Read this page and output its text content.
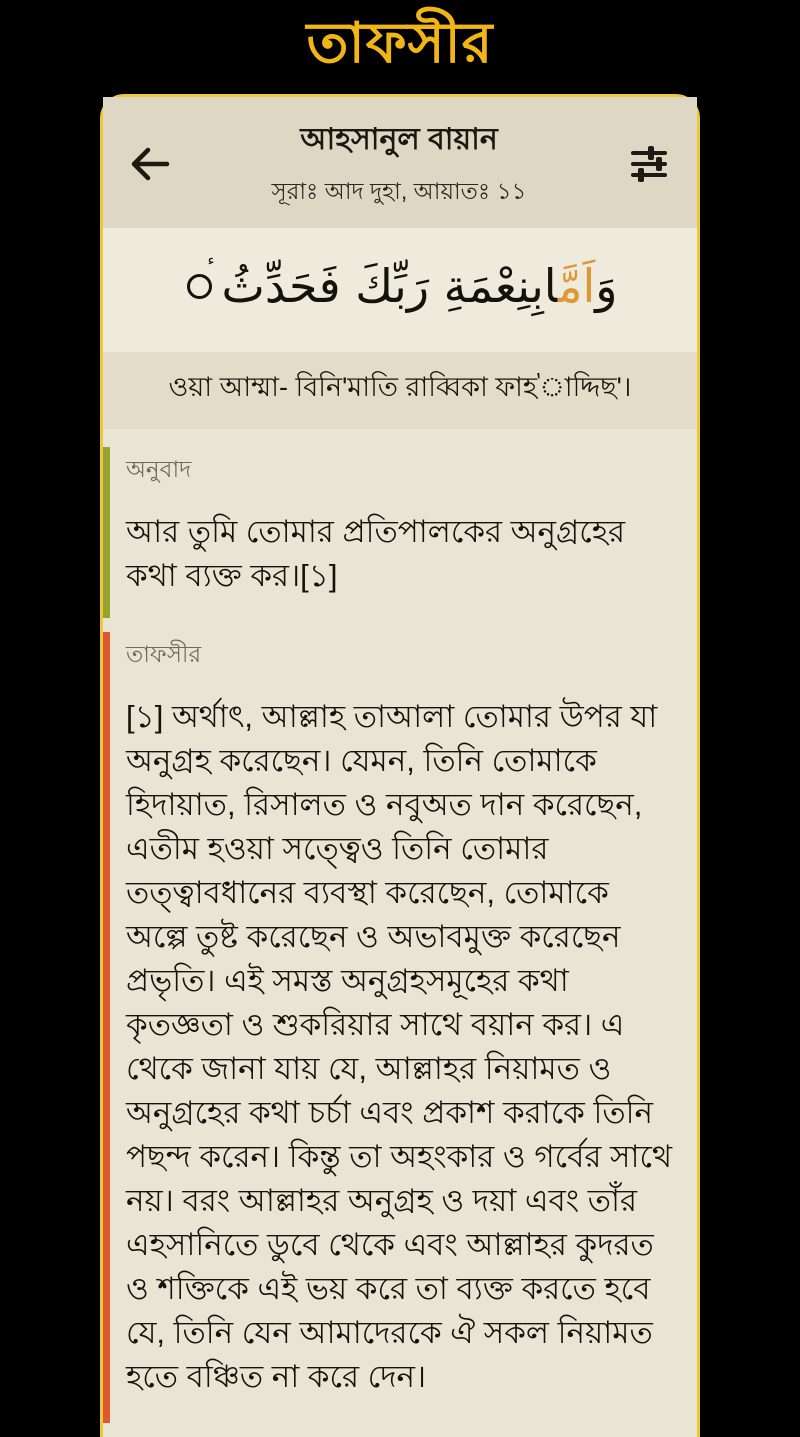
তাফসীর
আহসানুল বায়ান
সূরাঃ আদ দুহা, আয়াতঃ ১১
وَاَمَّ‍‍ابِنِعْمَةِ رَبِّكَ فَحَدِّثُ
ء
ওয়া আম্মা- বিনি'মাতি রাব্বিকা ফাহ'াদ্দিছ'।
অনুবাদ
আর তুমি তোমার প্রতিপালকের অনুগ্রহের কথা ব্যক্ত কর।[১]
তাফসীর
[১] অর্থাৎ, আল্লাহ তাআলা তোমার উপর যা অনুগ্রহ করেছেন। যেমন, তিনি তোমাকে হিদায়াত, রিসালত ও নবুঅত দান করেছেন, এতীম হওয়া সত্ত্বেও তিনি তোমার তত্ত্বাবধানের ব্যবস্থা করেছেন, তোমাকে অল্পে তুষ্ট করেছেন ও অভাবমুক্ত করেছেন প্রভৃতি। এই সমস্ত অনুগ্রহসমূহের কথা কৃতজ্ঞতা ও শুকরিয়ার সাথে বয়ান কর। এ থেকে জানা যায় যে, আল্লাহর নিয়ামত ও অনুগ্রহের কথা চর্চা এবং প্রকাশ করাকে তিনি পছন্দ করেন। কিন্তু তা অহংকার ও গর্বের সাথে নয়। বরং আল্লাহর অনুগ্রহ ও দয়া এবং তাঁর এহসানিতে ডুবে থেকে এবং আল্লাহর কুদরত ও শক্তিকে এই ভয় করে তা ব্যক্ত করতে হবে যে, তিনি যেন আমাদেরকে ঐ সকল নিয়ামত হতে বঞ্চিত না করে দেন।
